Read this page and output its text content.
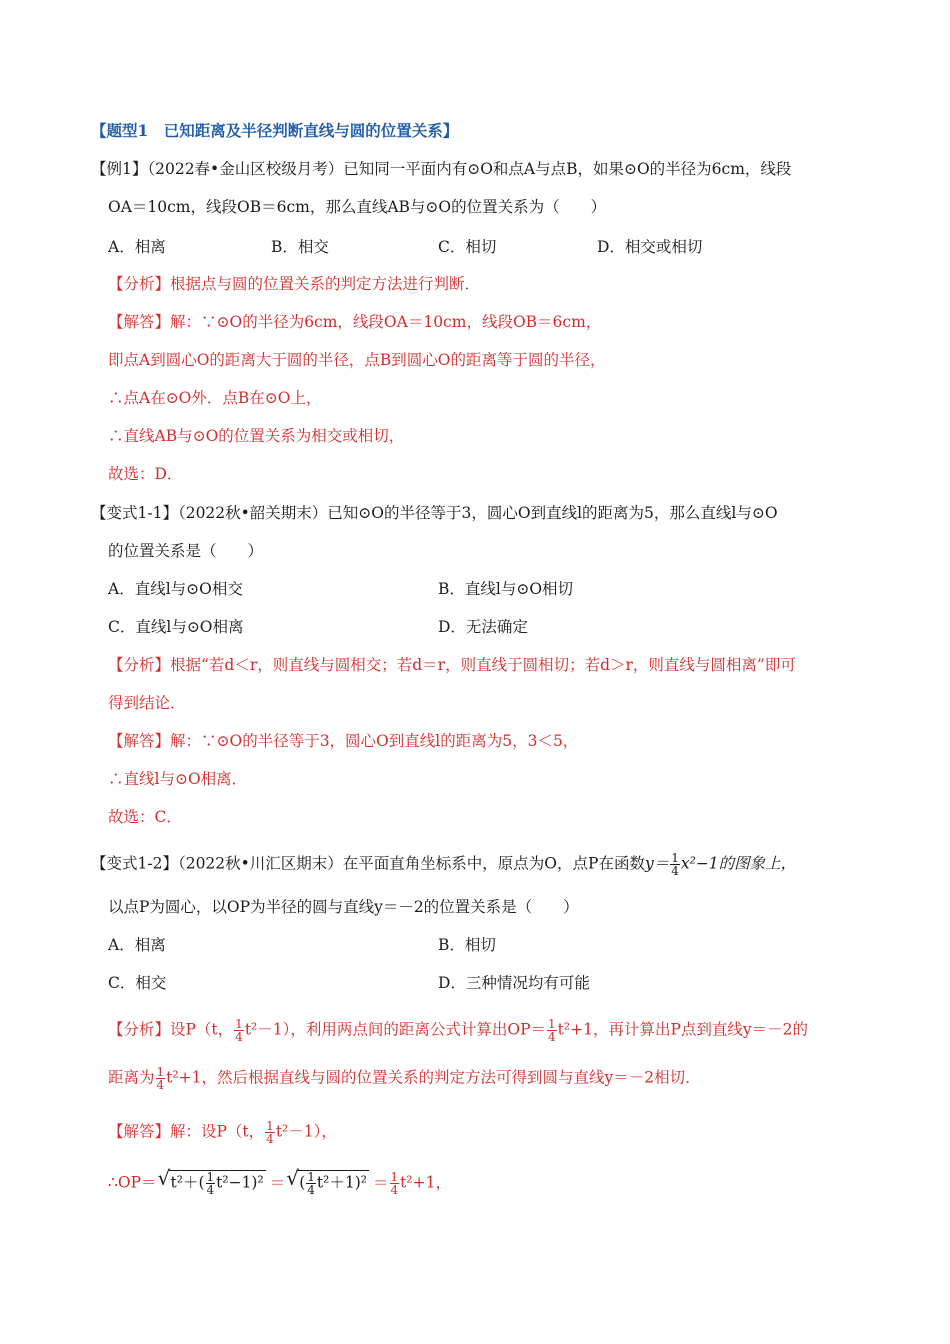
【题型1　已知距离及半径判断直线与圆的位置关系】
【例1】（2022春•金山区校级月考）已知同一平面内有⊙O和点A与点B，如果⊙O的半径为6cm，线段
OA＝10cm，线段OB＝6cm，那么直线AB与⊙O的位置关系为（　　）
A．相离	B．相交	C．相切	D．相交或相切
【分析】根据点与圆的位置关系的判定方法进行判断．
【解答】解：∵⊙O的半径为6cm，线段OA＝10cm，线段OB＝6cm，
即点A到圆心O的距离大于圆的半径，点B到圆心O的距离等于圆的半径，
∴点A在⊙O外．点B在⊙O上，
∴直线AB与⊙O的位置关系为相交或相切，
故选：D．
【变式1-1】（2022秋•韶关期末）已知⊙O的半径等于3，圆心O到直线l的距离为5，那么直线l与⊙O
的位置关系是（　　）
A．直线l与⊙O相交	B．直线l与⊙O相切
C．直线l与⊙O相离	D．无法确定
【分析】根据“若d＜r，则直线与圆相交；若d＝r，则直线于圆相切；若d＞r，则直线与圆相离”即可
得到结论．
【解答】解：∵⊙O的半径等于3，圆心O到直线l的距离为5，3＜5，
∴直线l与⊙O相离．
故选：C．
【变式1-2】（2022秋•川汇区期末）在平面直角坐标系中，原点为O，点P在函数$y= \frac{1}{4} x^2-1$的图象上，
以点P为圆心，以OP为半径的圆与直线y＝－2的位置关系是（　　）
A．相离	B．相切
C．相交	D．三种情况均有可能
【分析】设P（t， $\frac{1}{4} t^2-1$），利用两点间的距离公式计算出$OP= \frac{1}{4} t^2+1$，再计算出P点到直线y＝－2的
距离为 $\frac{1}{4} t^2+1$，然后根据直线与圆的位置关系的判定方法可得到圆与直线y＝－2相切．
【解答】解：设P（t， $\frac{1}{4} t^2-1$），
∴OP＝ √ $t^2+( \frac{1}{4} t^2-1)^2$ ＝ √ ( $\frac{1}{4} t^2+1)^2 = \frac{1}{4} t^2+1$，
